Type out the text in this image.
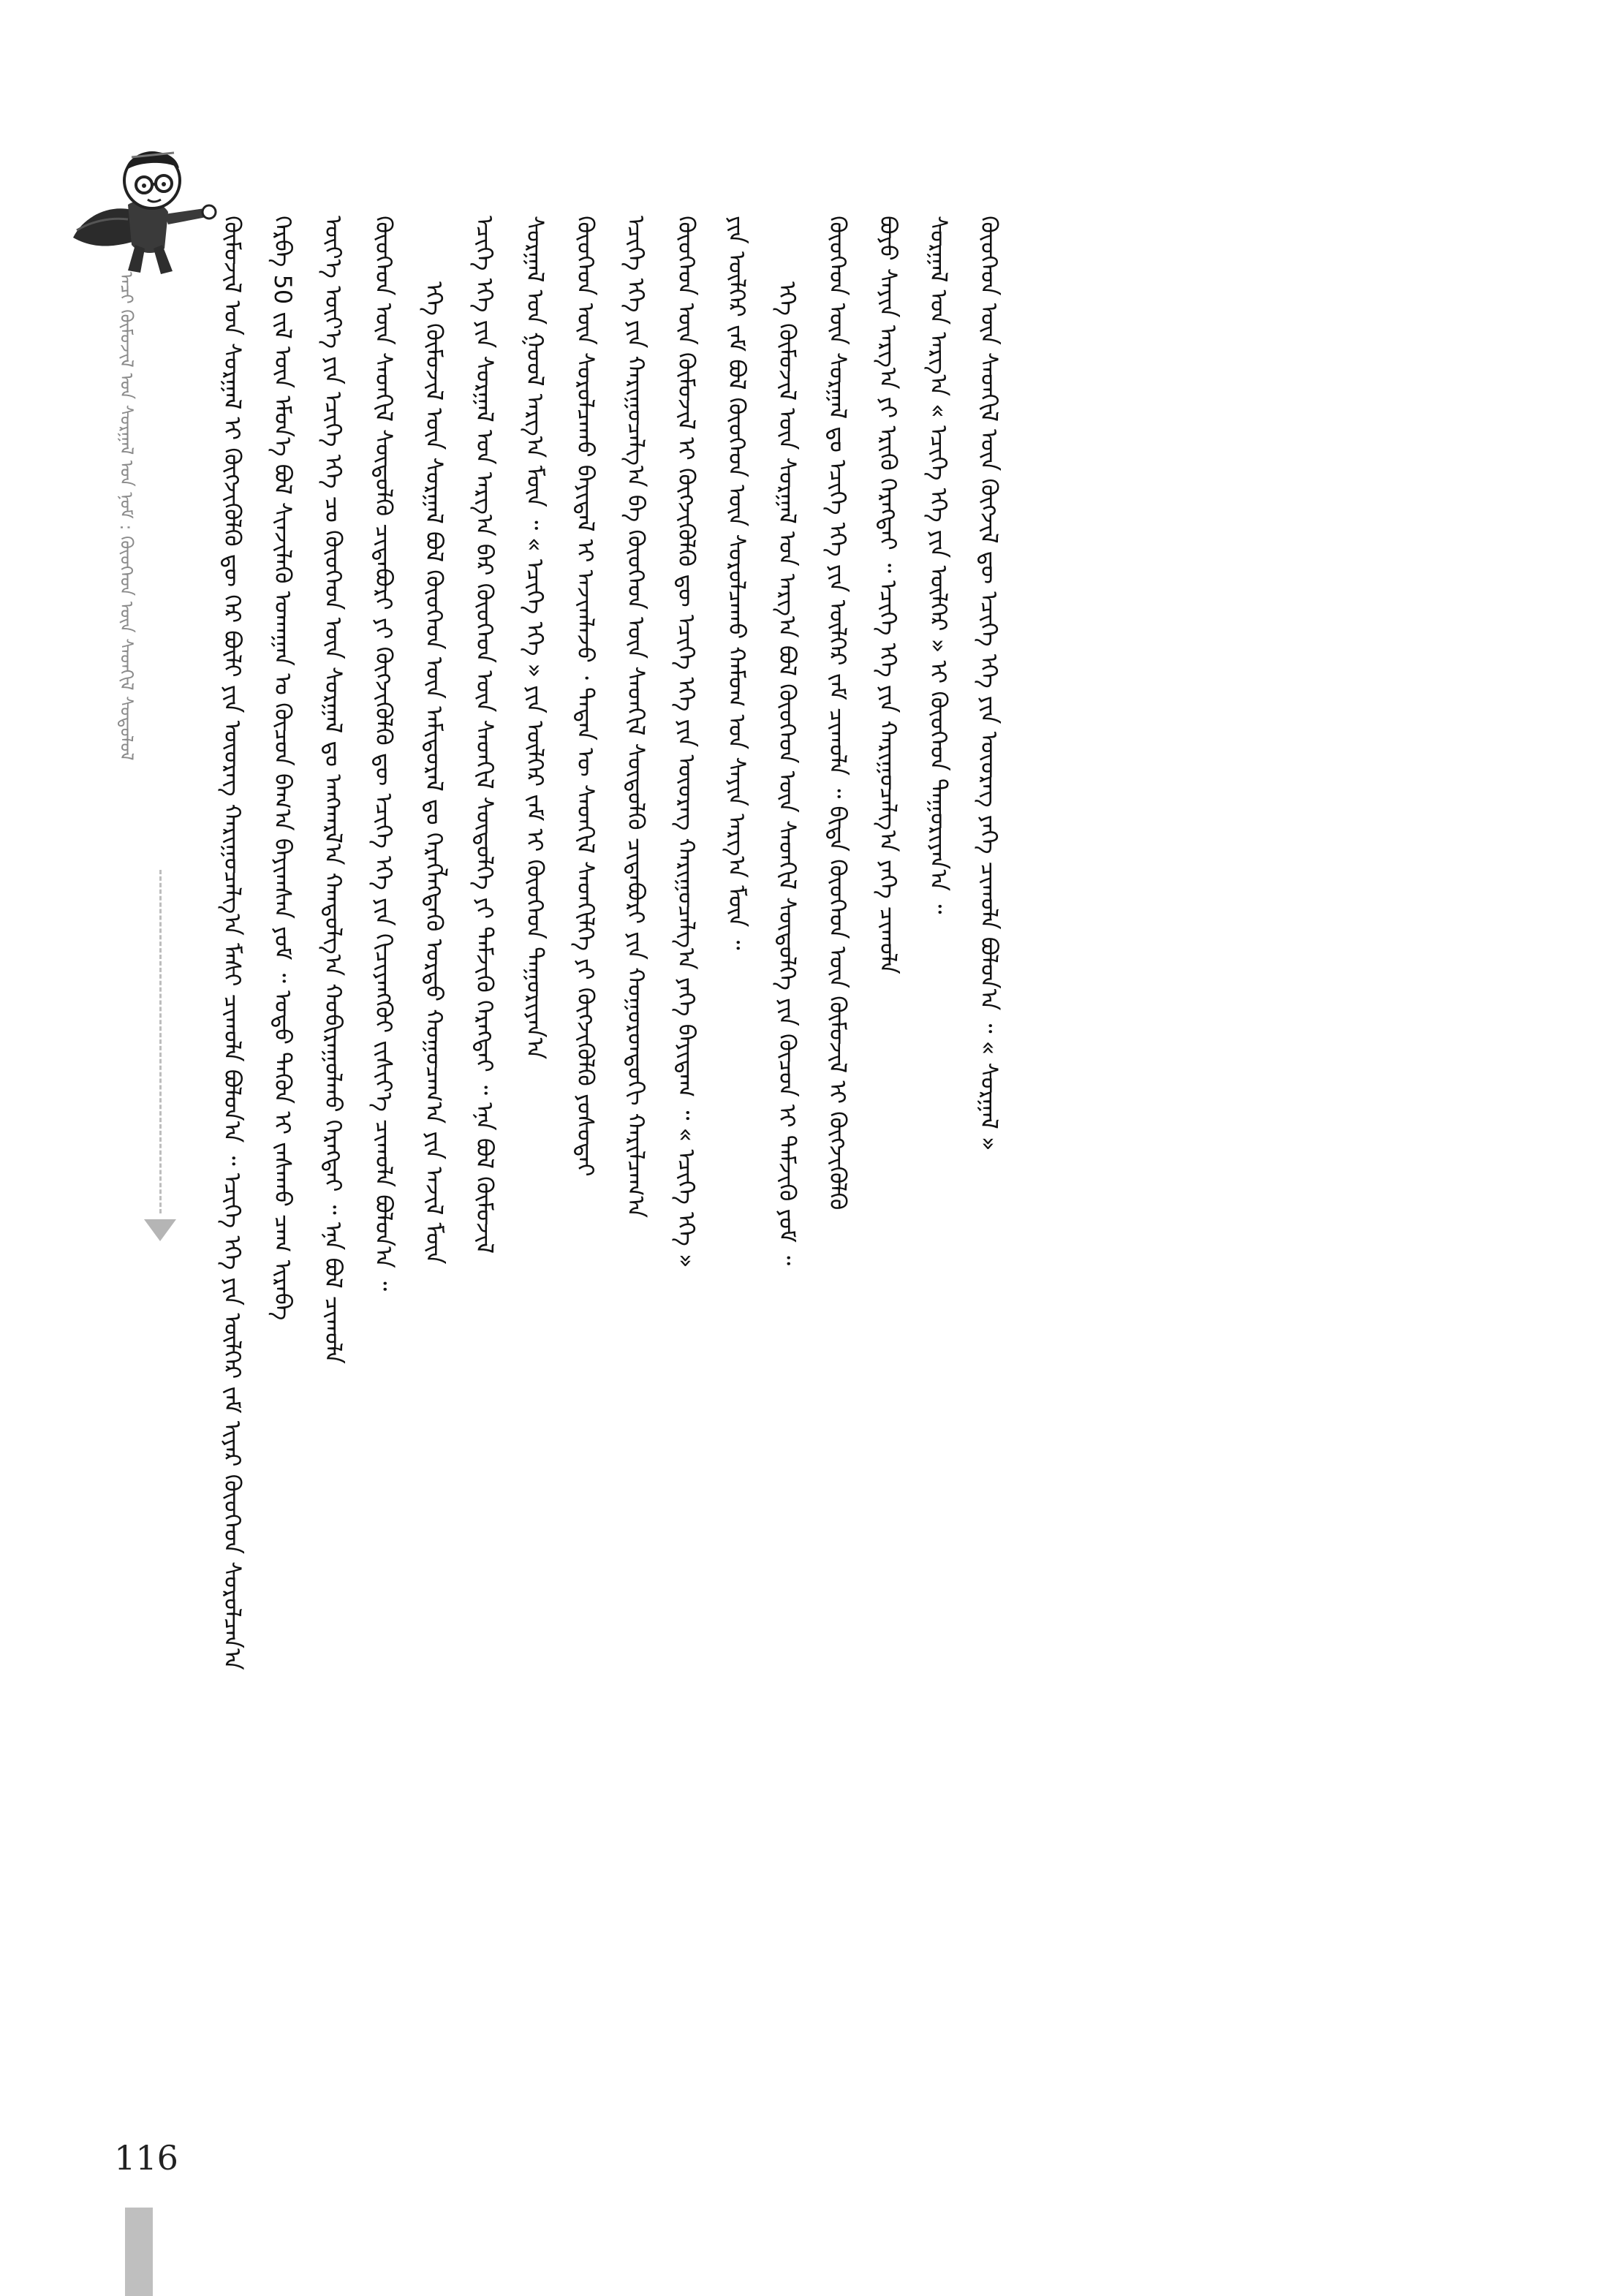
ᠠᠴᠢ ᠬᠦᠮᠦᠵᠢᠯ ᠤᠨ ᠰᠤᠷᠭᠠᠯ ᠤᠨ ᠨᠣᠮ : ᠬᠦᠦᠬᠡᠳ ᠦᠨ ᠰᠡᠳᠬᠢᠯ ᠰᠤᠳᠤᠯᠤᠯ	ᠬᠦᠮᠦᠵᠢᠯ ᠤᠨ ᠰᠤᠷᠭᠠᠯ ᠢ ᠬᠦᠭᠵᠢᠭᠦᠯᠬᠦ ᠳᠦ ᠭᠡᠷ ᠪᠦᠯᠢ ᠶᠢᠨ ᠦᠦᠷᠡᠭ ᠬᠠᠷᠢᠭᠤᠴᠠᠯᠭ᠎ᠠ ᠮᠠᠰᠢ ᠴᠢᠬᠤᠯᠠ ᠪᠣᠯᠤᠨ᠎ᠠ ᠃ ᠡᠴᠢᠭᠡ ᠡᠬᠡ ᠶᠢᠨ ᠦᠯᠭᠡᠷ ᠵᠠᠮ ᠢᠶᠠᠷ ᠬᠦᠦᠬᠡᠳ ᠰᠤᠷᠤᠯᠴᠠᠨ᠎ᠠ ᠬᠡᠷᠪᠡ 50 ᠵᠢᠯ ᠦᠨ ᠡᠮᠦᠨ᠎ᠡ ᠪᠣᠯ ᠰᠢᠨᠵᠢᠯᠡᠬᠦ ᠤᠬᠠᠭᠠᠨ ᠤ ᠬᠦᠴᠦᠨ ᠪᠠᠭ᠎ᠠ ᠪᠠᠶᠢᠭᠰᠠᠨ ᠶᠤᠮ ᠃ ᠣᠳᠣ ᠲᠡᠭᠦᠨ ᠢ ᠵᠠᠰᠠᠬᠤ ᠴᠠᠭ ᠢᠷᠡᠪᠡ ᠦᠶ᠎ᠡ ᠦᠶ᠎ᠡ ᠶᠢᠨ ᠡᠴᠢᠭᠡ ᠡᠬᠡ ᠴᠤ ᠬᠦᠦᠬᠡᠳ ᠦᠨ ᠰᠤᠷᠭᠠᠯ ᠳᠤ ᠠᠩᠬᠠᠷᠯ᠎ᠠ ᠬᠠᠨᠳᠤᠯᠭ᠎ᠠ ᠬᠤᠪᠢᠷᠠᠭᠤᠯᠬᠤ ᠬᠡᠷᠡᠭᠲᠡᠢ ᠃ ᠡᠨᠡ ᠪᠣᠯ ᠴᠢᠬᠤᠯᠠ ᠬᠦᠦᠬᠡᠳ ᠦᠨ ᠰᠡᠳᠬᠢᠯ ᠰᠦᠳᠦᠯᠬᠦ ᠴᠢᠳᠠᠪᠤᠷᠢ ᠶᠢ ᠬᠦᠭᠵᠢᠭᠦᠯᠬᠦ ᠳᠦ ᠡᠴᠢᠭᠡ ᠡᠬᠡ ᠶᠢᠨ ᠬᠢᠴᠢᠶᠡᠩᠭᠦᠢ ᠵᠢᠱᠢᠶ᠎ᠡ ᠴᠢᠬᠤᠯᠠ ᠪᠣᠯᠤᠨ᠎ᠠ ᠃ ᠡᠬᠡ ᠬᠦᠮᠦᠵᠢᠯ ᠦᠨ ᠰᠤᠷᠭᠠᠯ ᠪᠣᠯ ᠬᠦᠦᠬᠡᠳ ᠦᠨ ᠠᠮᠢᠳᠤᠷᠠᠯ ᠳᠤ ᠬᠡᠷᠡᠭᠯᠡᠭᠳᠡᠬᠦ ᠤᠷᠲᠤ ᠬᠤᠭᠤᠴᠠᠭ᠎ᠠ ᠶᠢᠨ ᠠᠵᠢᠯ ᠮᠥᠨ ᠡᠴᠢᠭᠡ ᠡᠬᠡ ᠶᠢᠨ ᠰᠤᠷᠭᠠᠯ ᠤᠨ ᠠᠷᠭ᠎ᠠ ᠪᠠᠷ ᠬᠦᠦᠬᠡᠳ ᠦᠨ ᠰᠡᠳᠬᠢᠯ ᠰᠦᠳᠦᠯᠭᠡ ᠶᠢ ᠳᠡᠮᠵᠢᠬᠦ ᠬᠡᠷᠡᠭᠲᠡᠢ ᠃ ᠡᠨᠡ ᠪᠣᠯ ᠬᠦᠮᠦᠵᠢᠯ ᠰᠤᠷᠭᠠᠯ ᠤᠨ ᠭᠣᠣᠯ ᠠᠷᠭ᠎ᠠ ᠮᠥᠨ ᠃ « ᠡᠴᠢᠭᠡ ᠡᠬᠡ » ᠶᠢᠨ ᠦᠯᠭᠡᠷ ᠵᠠᠮ ᠢ ᠬᠦᠦᠬᠡᠳ ᠳᠠᠭᠤᠷᠢᠶᠠᠨ᠎ᠠ ᠬᠦᠦᠬᠡᠳ ᠦᠨ ᠰᠤᠷᠤᠯᠴᠠᠬᠤ ᠪᠠᠶᠢᠳᠠᠯ ᠢ ᠠᠵᠢᠭᠯᠠᠵᠤ ᠂ ᠲᠡᠳᠡᠨ ᠦ ᠰᠡᠳᠬᠢᠯ ᠰᠡᠳᠬᠢᠯᠭᠡ ᠶᠢ ᠬᠦᠭᠵᠢᠭᠦᠯᠬᠦ ᠶᠤᠰᠤᠲᠠᠢ ᠡᠴᠢᠭᠡ ᠡᠬᠡ ᠶᠢᠨ ᠬᠠᠷᠢᠭᠤᠴᠠᠯᠭ᠎ᠠ ᠪᠠ ᠬᠦᠦᠬᠡᠳ ᠦᠨ ᠰᠡᠳᠬᠢᠯ ᠰᠦᠳᠦᠯᠬᠦ ᠴᠢᠳᠠᠪᠤᠷᠢ ᠶᠢᠨ ᠬᠣᠭᠣᠷᠣᠨᠳᠣᠬᠢ ᠬᠠᠷᠢᠯᠴᠠᠭ᠎ᠠ ᠬᠦᠦᠬᠡᠳ ᠦᠨ ᠬᠦᠮᠦᠵᠢᠯ ᠢ ᠬᠦᠭᠵᠢᠭᠦᠯᠬᠦ ᠳᠦ ᠡᠴᠢᠭᠡ ᠡᠬᠡ ᠶᠢᠨ ᠦᠦᠷᠡᠭ ᠬᠠᠷᠢᠭᠤᠴᠠᠯᠭ᠎ᠠ ᠶᠡᠬᠡ ᠪᠠᠶᠢᠳᠠᠭ ᠃ « ᠡᠴᠢᠭᠡ ᠡᠬᠡ » ᠶᠢᠨ ᠦᠯᠭᠡᠷ ᠵᠠᠮ ᠪᠣᠯ ᠬᠦᠦᠬᠡᠳ ᠦᠨ ᠰᠤᠷᠤᠯᠴᠠᠬᠤ ᠬᠠᠮᠤᠭ ᠤᠨ ᠰᠠᠶᠢᠨ ᠠᠷᠭ᠎ᠠ ᠮᠥᠨ ᠃ ᠡᠬᠡ ᠬᠦᠮᠦᠵᠢᠯ ᠦᠨ ᠰᠤᠷᠭᠠᠯ ᠤᠨ ᠠᠷᠭ᠎ᠠ ᠪᠣᠯ ᠬᠦᠦᠬᠡᠳ ᠦᠨ ᠰᠡᠳᠬᠢᠯ ᠰᠦᠳᠦᠯᠭᠡ ᠶᠢᠨ ᠬᠦᠴᠦᠨ ᠢ ᠳᠡᠮᠵᠢᠬᠦ ᠶᠤᠮ ᠃ ᠬᠦᠦᠬᠡᠳ ᠦᠨ ᠰᠤᠷᠭᠠᠯ ᠳᠤ ᠡᠴᠢᠭᠡ ᠡᠬᠡ ᠶᠢᠨ ᠦᠯᠭᠡᠷ ᠵᠠᠮ ᠴᠢᠬᠤᠯᠠ ᠃ ᠪᠢᠳᠡ ᠬᠦᠦᠬᠡᠳ ᠦᠨ ᠬᠦᠮᠦᠵᠢᠯ ᠢ ᠬᠦᠭᠵᠢᠭᠦᠯᠬᠦ ᠪᠤᠶᠤ ᠰᠠᠶᠢᠨ ᠠᠷᠭ᠎ᠠ ᠶᠢ ᠡᠷᠢᠬᠦ ᠬᠡᠷᠡᠭᠲᠡᠢ ᠃ ᠡᠴᠢᠭᠡ ᠡᠬᠡ ᠶᠢᠨ ᠬᠠᠷᠢᠭᠤᠴᠠᠯᠭ᠎ᠠ ᠶᠡᠬᠡ ᠴᠢᠬᠤᠯᠠ ᠰᠤᠷᠭᠠᠯ ᠤᠨ ᠠᠷᠭ᠎ᠠ « ᠡᠴᠢᠭᠡ ᠡᠬᠡ ᠶᠢᠨ ᠦᠯᠭᠡᠷ » ᠢ ᠬᠦᠦᠬᠡᠳ ᠳᠠᠭᠤᠷᠢᠶᠠᠨ᠎ᠠ ᠃ ᠬᠦᠦᠬᠡᠳ ᠦᠨ ᠰᠡᠳᠬᠢᠯ ᠦᠨ ᠬᠦᠭᠵᠢᠯ ᠳᠦ ᠡᠴᠢᠭᠡ ᠡᠬᠡ ᠶᠢᠨ ᠦᠦᠷᠡᠭ ᠶᠡᠬᠡ ᠴᠢᠬᠤᠯᠠ ᠪᠣᠯᠤᠨ᠎ᠠ ᠃ « ᠰᠤᠷᠭᠠᠯ »
116
